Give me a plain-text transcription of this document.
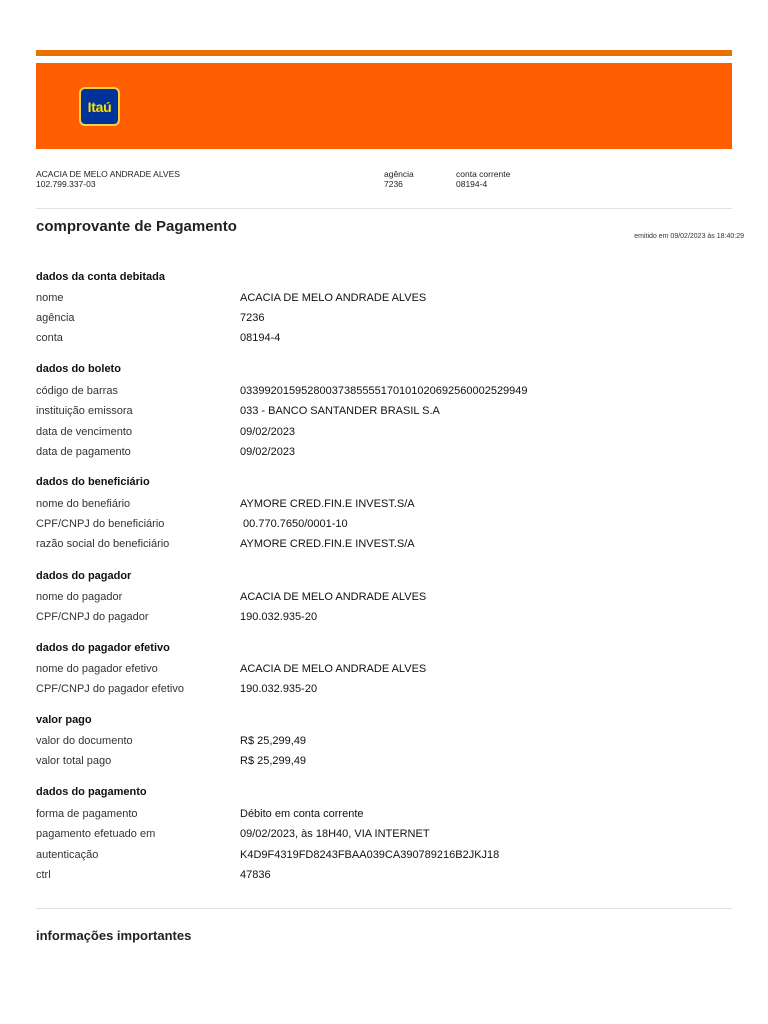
Itaú
ACACIA DE MELO ANDRADE ALVES
102.799.337-03
agência
7236
conta corrente
08194-4
comprovante de Pagamento
emitido em 09/02/2023 às 18:40:29
dados da conta debitada
nome	ACACIA DE MELO ANDRADE ALVES
agência	7236
conta	08194-4
dados do boleto
código de barras	03399201595280037385555170101020692560002529949
instituição emissora	033 - BANCO SANTANDER BRASIL S.A
data de vencimento	09/02/2023
data de pagamento	09/02/2023
dados do beneficiário
nome do benefiário	AYMORE CRED.FIN.E INVEST.S/A
CPF/CNPJ do beneficiário	00.770.7650/0001-10
razão social do beneficiário	AYMORE CRED.FIN.E INVEST.S/A
dados do pagador
nome do pagador	ACACIA DE MELO ANDRADE ALVES
CPF/CNPJ do pagador	190.032.935-20
dados do pagador efetivo
nome do pagador efetivo	ACACIA DE MELO ANDRADE ALVES
CPF/CNPJ do pagador efetivo	190.032.935-20
valor pago
valor do documento	R$ 25,299,49
valor total pago	R$ 25,299,49
dados do pagamento
forma de pagamento	Débito em conta corrente
pagamento efetuado em	09/02/2023, às 18H40, VIA INTERNET
autenticação	K4D9F4319FD8243FBAA039CA390789216B2JKJ18
ctrl	47836
informações importantes
